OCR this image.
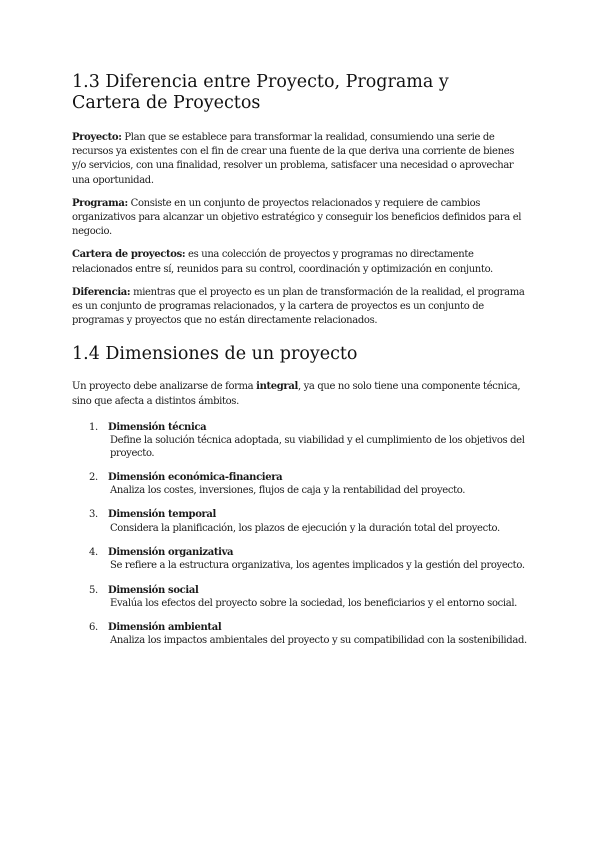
1.3 Diferencia entre Proyecto, Programa y Cartera de Proyectos

Proyecto: Plan que se establece para transformar la realidad, consumiendo una serie de recursos ya existentes con el fin de crear una fuente de la que deriva una corriente de bienes y/o servicios, con una finalidad, resolver un problema, satisfacer una necesidad o aprovechar una oportunidad.

Programa: Consiste en un conjunto de proyectos relacionados y requiere de cambios organizativos para alcanzar un objetivo estratégico y conseguir los beneficios definidos para el negocio.

Cartera de proyectos: es una colección de proyectos y programas no directamente relacionados entre sí, reunidos para su control, coordinación y optimización en conjunto.

Diferencia: mientras que el proyecto es un plan de transformación de la realidad, el programa es un conjunto de programas relacionados, y la cartera de proyectos es un conjunto de programas y proyectos que no están directamente relacionados.

1.4 Dimensiones de un proyecto

Un proyecto debe analizarse de forma integral, ya que no solo tiene una componente técnica, sino que afecta a distintos ámbitos.

1. Dimensión técnica
Define la solución técnica adoptada, su viabilidad y el cumplimiento de los objetivos del proyecto.
2. Dimensión económica-financiera
Analiza los costes, inversiones, flujos de caja y la rentabilidad del proyecto.
3. Dimensión temporal
Considera la planificación, los plazos de ejecución y la duración total del proyecto.
4. Dimensión organizativa
Se refiere a la estructura organizativa, los agentes implicados y la gestión del proyecto.
5. Dimensión social
Evalúa los efectos del proyecto sobre la sociedad, los beneficiarios y el entorno social.
6. Dimensión ambiental
Analiza los impactos ambientales del proyecto y su compatibilidad con la sostenibilidad.
